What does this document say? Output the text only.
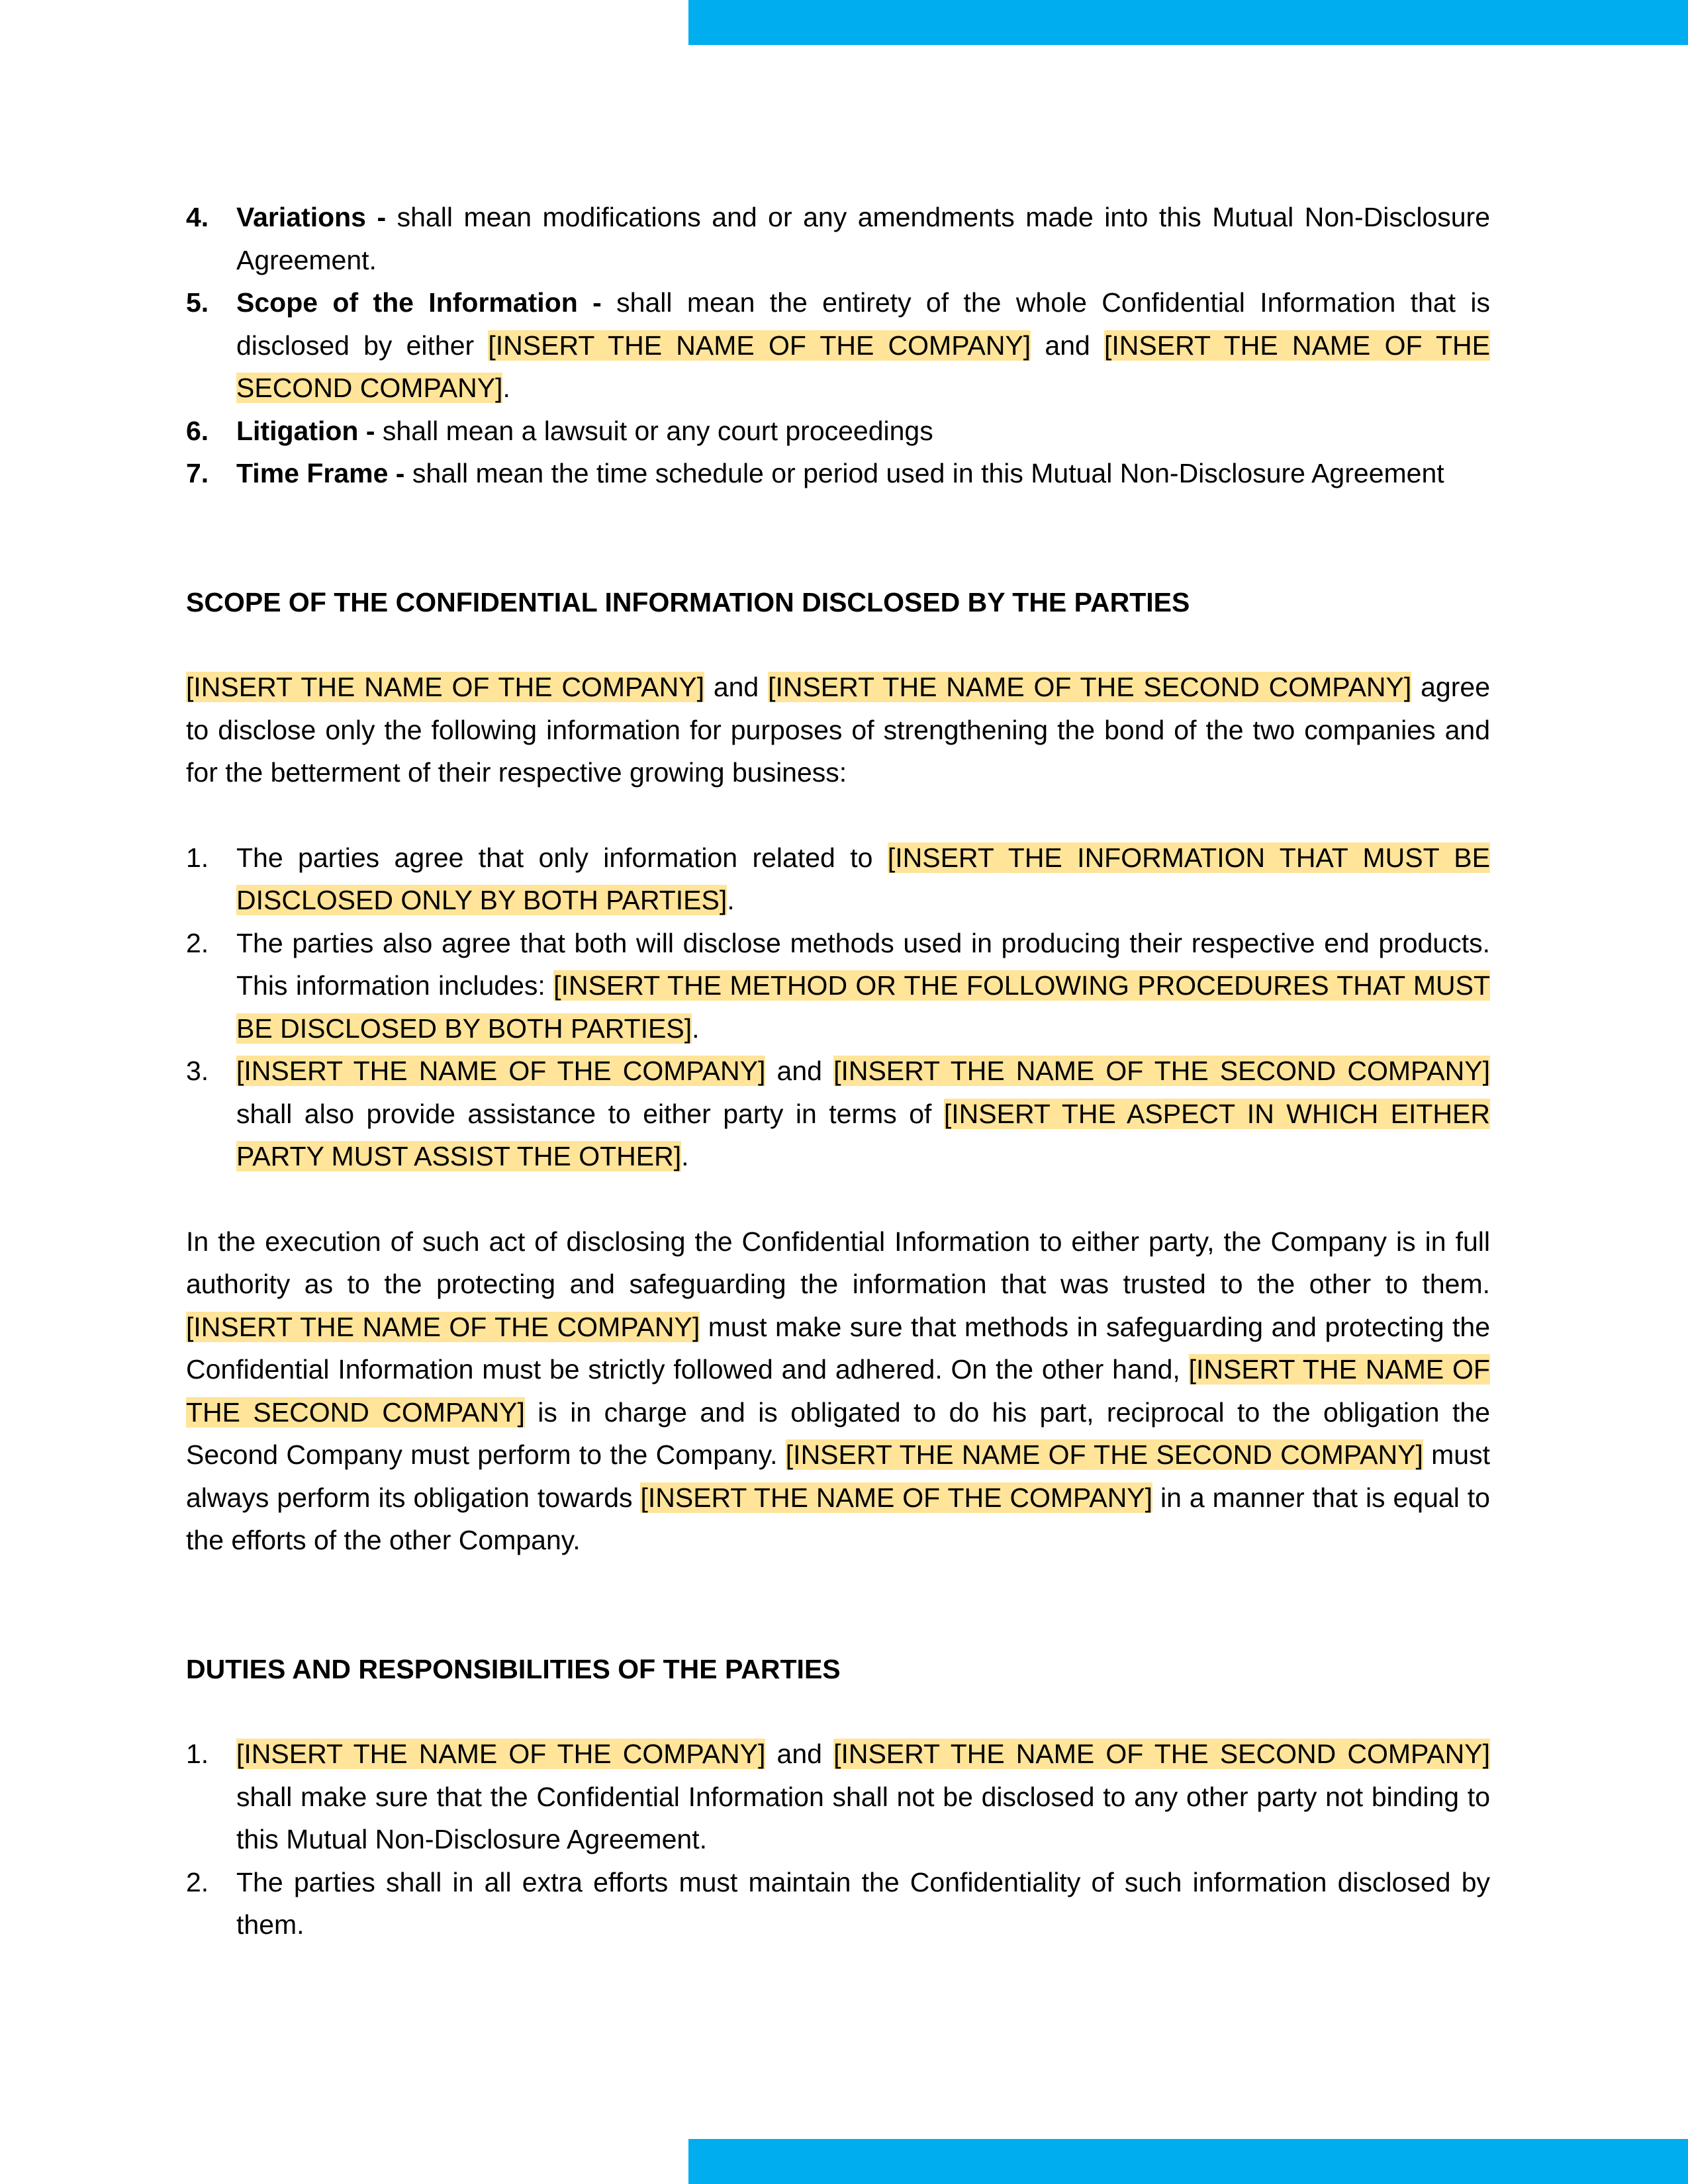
4.	Variations - shall mean modifications and or any amendments made into this Mutual Non-Disclosure Agreement.
5.	Scope of the Information - shall mean the entirety of the whole Confidential Information that is disclosed by either [INSERT THE NAME OF THE COMPANY] and [INSERT THE NAME OF THE SECOND COMPANY].
6.	Litigation - shall mean a lawsuit or any court proceedings
7.	Time Frame - shall mean the time schedule or period used in this Mutual Non-Disclosure Agreement
SCOPE OF THE CONFIDENTIAL INFORMATION DISCLOSED BY THE PARTIES

[INSERT THE NAME OF THE COMPANY] and [INSERT THE NAME OF THE SECOND COMPANY] agree to disclose only the following information for purposes of strengthening the bond of the two companies and for the betterment of their respective growing business:

1.	The parties agree that only information related to [INSERT THE INFORMATION THAT MUST BE DISCLOSED ONLY BY BOTH PARTIES].
2.	The parties also agree that both will disclose methods used in producing their respective end products. This information includes: [INSERT THE METHOD OR THE FOLLOWING PROCEDURES THAT MUST BE DISCLOSED BY BOTH PARTIES].
3.	[INSERT THE NAME OF THE COMPANY] and [INSERT THE NAME OF THE SECOND COMPANY] shall also provide assistance to either party in terms of [INSERT THE ASPECT IN WHICH EITHER PARTY MUST ASSIST THE OTHER].

In the execution of such act of disclosing the Confidential Information to either party, the Company is in full authority as to the protecting and safeguarding the information that was trusted to the other to them. [INSERT THE NAME OF THE COMPANY] must make sure that methods in safeguarding and protecting the Confidential Information must be strictly followed and adhered. On the other hand, [INSERT THE NAME OF THE SECOND COMPANY] is in charge and is obligated to do his part, reciprocal to the obligation the Second Company must perform to the Company. [INSERT THE NAME OF THE SECOND COMPANY] must always perform its obligation towards [INSERT THE NAME OF THE COMPANY] in a manner that is equal to the efforts of the other Company.

DUTIES AND RESPONSIBILITIES OF THE PARTIES
1.	[INSERT THE NAME OF THE COMPANY] and [INSERT THE NAME OF THE SECOND COMPANY] shall make sure that the Confidential Information shall not be disclosed to any other party not binding to this Mutual Non-Disclosure Agreement.
2.	The parties shall in all extra efforts must maintain the Confidentiality of such information disclosed by them.
